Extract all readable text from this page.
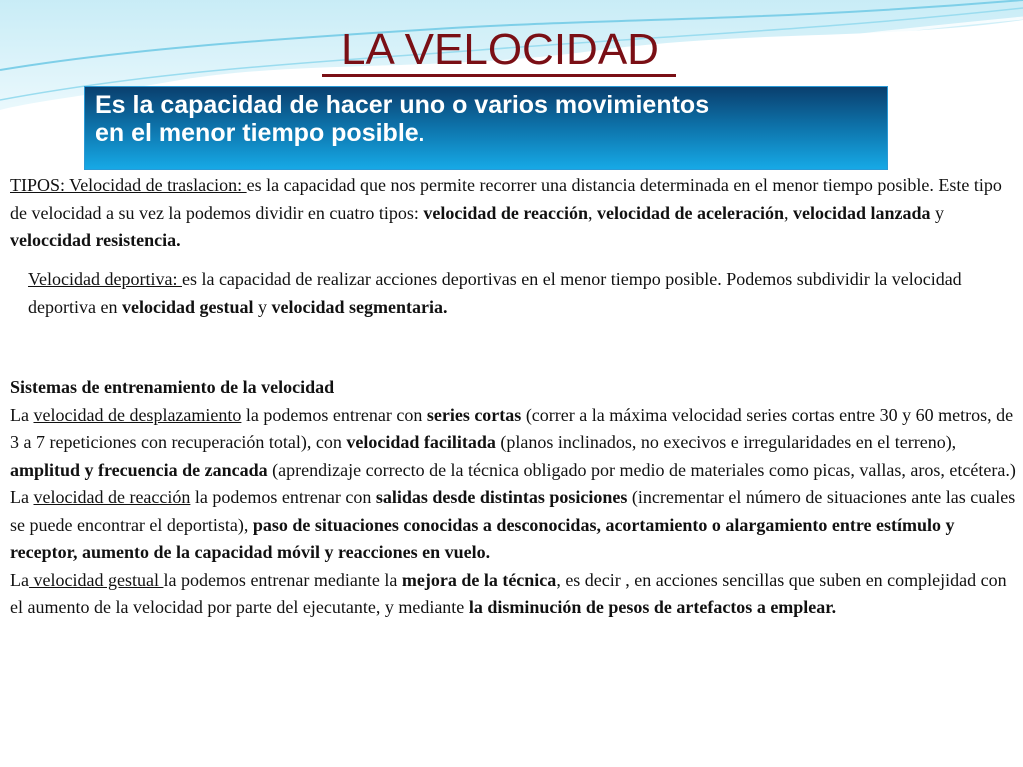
LA VELOCIDAD
Es la capacidad de hacer uno o varios movimientos
en el menor tiempo posible.
TIPOS: Velocidad de traslacion: es la capacidad que nos permite recorrer una distancia determinada en el menor tiempo posible. Este tipo de velocidad a su vez la podemos dividir en cuatro tipos: velocidad de reacción, velocidad de aceleración, velocidad lanzada y veloccidad resistencia.
Velocidad deportiva: es la capacidad de realizar acciones deportivas en el menor tiempo posible. Podemos subdividir la velocidad deportiva en velocidad gestual y velocidad segmentaria.
Sistemas de entrenamiento de la velocidad
La velocidad de desplazamiento la podemos entrenar con series cortas (correr a la máxima velocidad series cortas entre 30 y 60 metros, de 3 a 7 repeticiones con recuperación total), con velocidad facilitada (planos inclinados, no execivos e irregularidades en el terreno), amplitud y frecuencia de zancada (aprendizaje correcto de la técnica obligado por medio de materiales como picas, vallas, aros, etcétera.)
La velocidad de reacción la podemos entrenar con salidas desde distintas posiciones (incrementar el número de situaciones ante las cuales se puede encontrar el deportista), paso de situaciones conocidas a desconocidas, acortamiento o alargamiento entre estímulo y receptor, aumento de la capacidad móvil y reacciones en vuelo.
La velocidad gestual la podemos entrenar mediante la mejora de la técnica, es decir , en acciones sencillas que suben en complejidad con el aumento de la velocidad por parte del ejecutante, y mediante la disminución de pesos de artefactos a emplear.
